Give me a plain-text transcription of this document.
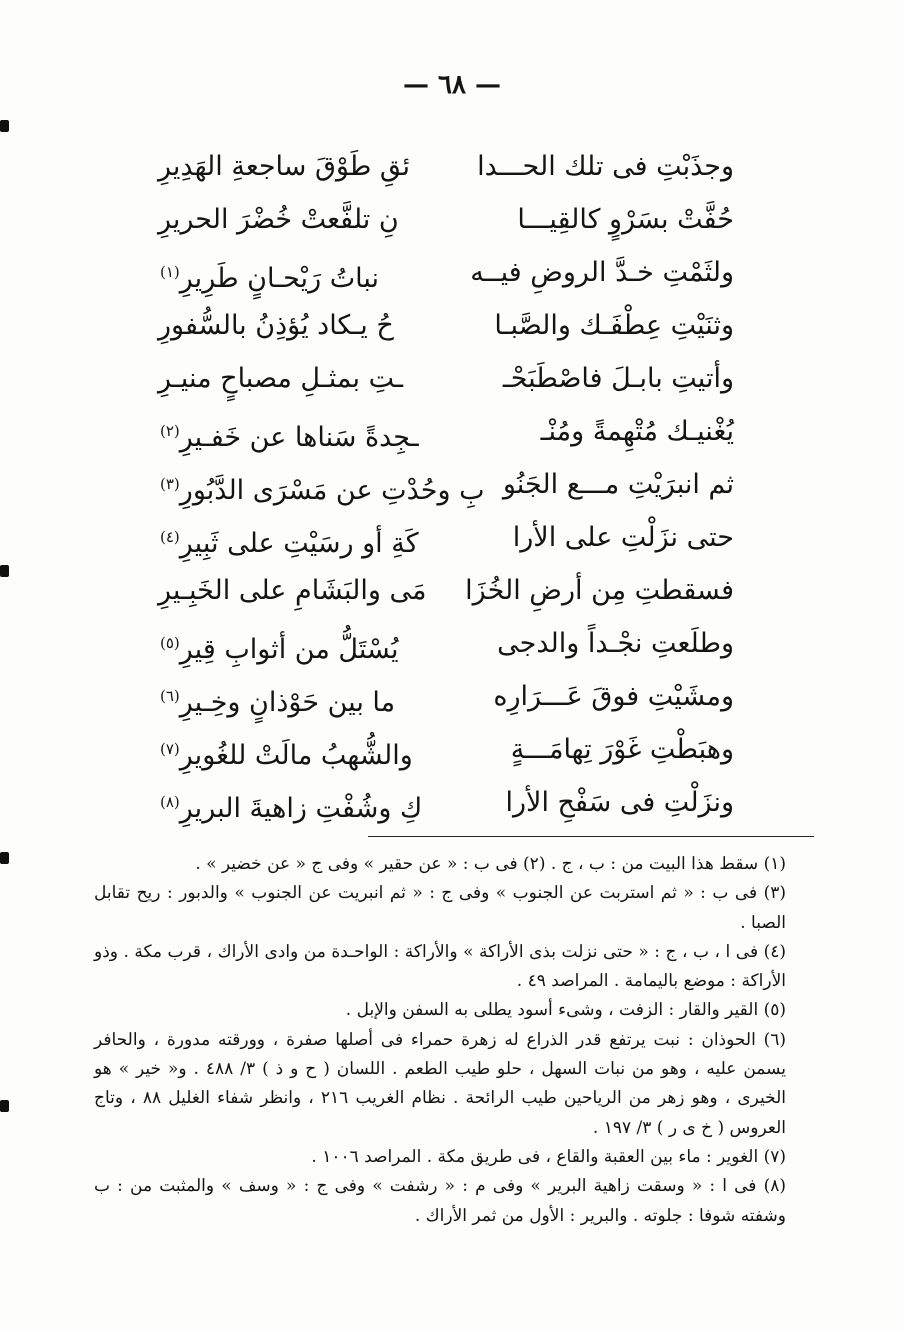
— ٦٨ —
وجذَبْتِ فى تلك الحـــدا
ئقِ طَوْقَ ساجعةِ الهَدِيرِ
حُفَّتْ بسَرْوٍ كالقِيـــا
نِ تلفَّعتْ خُضْرَ الحريرِ
ولثَمْتِ خـدَّ الروضِ فيــه
نباتُ رَيْحـانٍ طَرِيرِ$^{(١)}$
وثنَيْتِ عِطْفَـك والصَّبـا
حُ يـكاد يُؤذِنُ بالسُّفورِ
وأتيتِ بابـلَ فاصْطَبَحْـ
ـتِ بمثـلِ مصباحٍ منيـرِ
يُغْنيـك مُتْهِمةً ومُنْـ
ـجِدةً سَناها عن خَفـيرِ$^{(٢)}$
ثم انبرَيْتِ مـــع الجَنُو
بِ وحُدْتِ عن مَسْرَى الدَّبُورِ$^{(٣)}$
حتى نزَلْتِ على الأرا
كَةِ أو رسَيْتِ على ثَبِيرِ$^{(٤)}$
فسقطتِ مِن أرضِ الخُزَا
مَى والبَشَامِ على الخَبِـيرِ
وطلَعتِ نجْـداً والدجى
يُسْتَلُّ من أثوابِ قِيرِ$^{(٥)}$
ومشَيْتِ فوقَ عَـــرَارِه
ما بين حَوْذانٍ وخِـيرِ$^{(٦)}$
وهبَطْتِ غَوْرَ تِهامَـــةٍ
والشُّهبُ مالَتْ للغُويرِ$^{(٧)}$
ونزَلْتِ فى سَفْحِ الأرا
كِ وشُفْتِ زاهيةَ البريرِ$^{(٨)}$

(١) سقط هذا البيت من : ب ، ج . (٢) فى ب : « عن حقير » وفى ج « عن خضير » .

(٣) فى ب : « ثم استربت عن الجنوب » وفى ج : « ثم انبريت عن الجنوب » والدبور : ريح تقابل الصبا .

(٤) فى ا ، ب ، ج : « حتى نزلت بذى الأراكة » والأراكة : الواحـدة من وادى الأراك ، قرب مكة . وذو الأراكة : موضع باليمامة . المراصد ٤٩ .

(٥) القير والقار : الزفت ، وشىء أسود يطلى به السفن والإبل .

(٦) الحوذان : نبت يرتفع قدر الذراع له زهرة حمراء فى أصلها صفرة ، وورقته مدورة ، والحافر يسمن عليه ، وهو من نبات السهل ، حلو طيب الطعم . اللسان ( ح و ذ ) ٣/ ٤٨٨ . و« خير » هو الخيرى ، وهو زهر من الرياحين طيب الرائحة . نظام الغريب ٢١٦ ، وانظر شفاء الغليل ٨٨ ، وتاج العروس ( خ ى ر ) ٣/ ١٩٧ .

(٧) الغوير : ماء بين العقبة والقاع ، فى طريق مكة . المراصد ١٠٠٦ .

(٨) فى ا : « وسقت زاهية البرير » وفى م : « رشفت » وفى ج : « وسف » والمثبت من : ب وشفته شوفا : جلوته . والبرير : الأول من ثمر الأراك .
